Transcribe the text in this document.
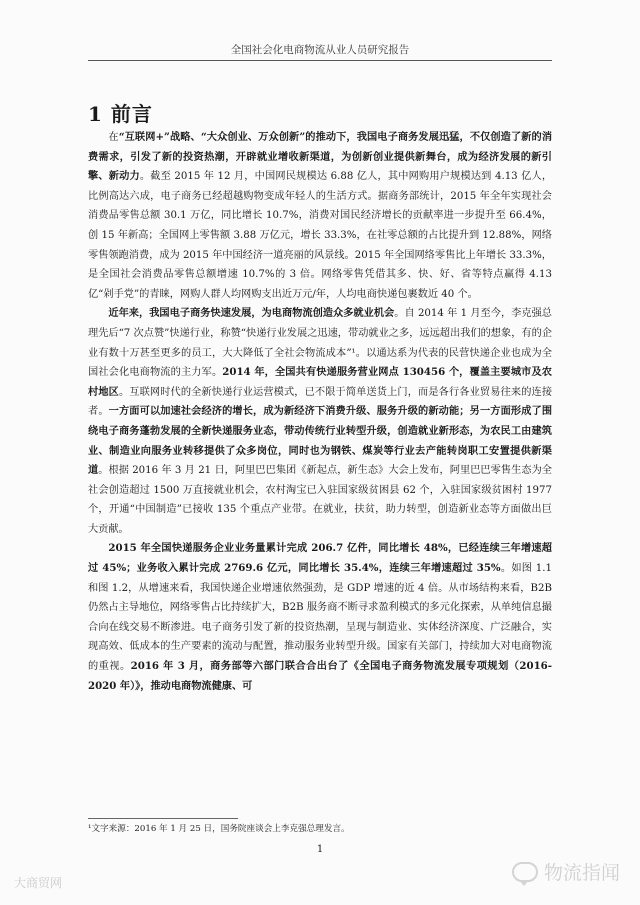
全国社会化电商物流从业人员研究报告
1 前言

在“互联网+”战略、“大众创业、万众创新”的推动下，我国电子商务发展迅猛，不仅创造了新的消费需求，引发了新的投资热潮，开辟就业增收新渠道，为创新创业提供新舞台，成为经济发展的新引擎、新动力。截至 2015 年 12 月，中国网民规模达 6.88 亿人，其中网购用户规模达到 4.13 亿人，比例高达六成，电子商务已经超越购物变成年轻人的生活方式。据商务部统计，2015 年全年实现社会消费品零售总额 30.1 万亿，同比增长 10.7%，消费对国民经济增长的贡献率进一步提升至 66.4%，创 15 年新高；全国网上零售额 3.88 万亿元，增长 33.3%，在社零总额的占比提升到 12.88%，网络零售领跑消费，成为 2015 年中国经济一道亮丽的风景线。2015 年全国网络零售比上年增长 33.3%，是全国社会消费品零售总额增速 10.7%的 3 倍。网络零售凭借其多、快、好、省等特点赢得 4.13 亿“剁手党”的青睐，网购人群人均网购支出近万元/年，人均电商快递包裹数近 40 个。

近年来，我国电子商务快速发展，为电商物流创造众多就业机会。自 2014 年 1 月至今，李克强总理先后“7 次点赞”快递行业，称赞“快递行业发展之迅速，带动就业之多，远远超出我们的想象，有的企业有数十万甚至更多的员工，大大降低了全社会物流成本”¹。以通达系为代表的民营快递企业也成为全国社会化电商物流的主力军。2014 年，全国共有快递服务营业网点 130456 个，覆盖主要城市及农村地区。互联网时代的全新快递行业运营模式，已不限于简单送货上门，而是各行各业贸易往来的连接者。一方面可以加速社会经济的增长，成为新经济下消费升级、服务升级的新动能；另一方面形成了围绕电子商务蓬勃发展的全新快递服务业态，带动传统行业转型升级，创造就业新形态，为农民工由建筑业、制造业向服务业转移提供了众多岗位，同时也为钢铁、煤炭等行业去产能转岗职工安置提供新渠道。根据 2016 年 3 月 21 日，阿里巴巴集团《新起点，新生态》大会上发布，阿里巴巴零售生态为全社会创造超过 1500 万直接就业机会，农村淘宝已入驻国家级贫困县 62 个，入驻国家级贫困村 1977 个，开通“中国制造”已接收 135 个重点产业带。在就业，扶贫，助力转型，创造新业态等方面做出巨大贡献。

2015 年全国快递服务企业业务量累计完成 206.7 亿件，同比增长 48%，已经连续三年增速超过 45%；业务收入累计完成 2769.6 亿元，同比增长 35.4%，连续三年增速超过 35%。如图 1.1 和图 1.2，从增速来看，我国快递企业增速依然强劲，是 GDP 增速的近 4 倍。从市场结构来看，B2B 仍然占主导地位，网络零售占比持续扩大，B2B 服务商不断寻求盈利模式的多元化探索，从单纯信息撮合向在线交易不断渗进。电子商务引发了新的投资热潮，呈现与制造业、实体经济深度、广泛融合，实现高效、低成本的生产要素的流动与配置，推动服务业转型升级。国家有关部门，持续加大对电商物流的重视。2016 年 3 月，商务部等六部门联合合出台了《全国电子商务物流发展专项规划（2016-2020 年）》，推动电商物流健康、可

¹文字来源：2016 年 1 月 25 日，国务院座谈会上李克强总理发言。
1
大商贸网	物流指闻
